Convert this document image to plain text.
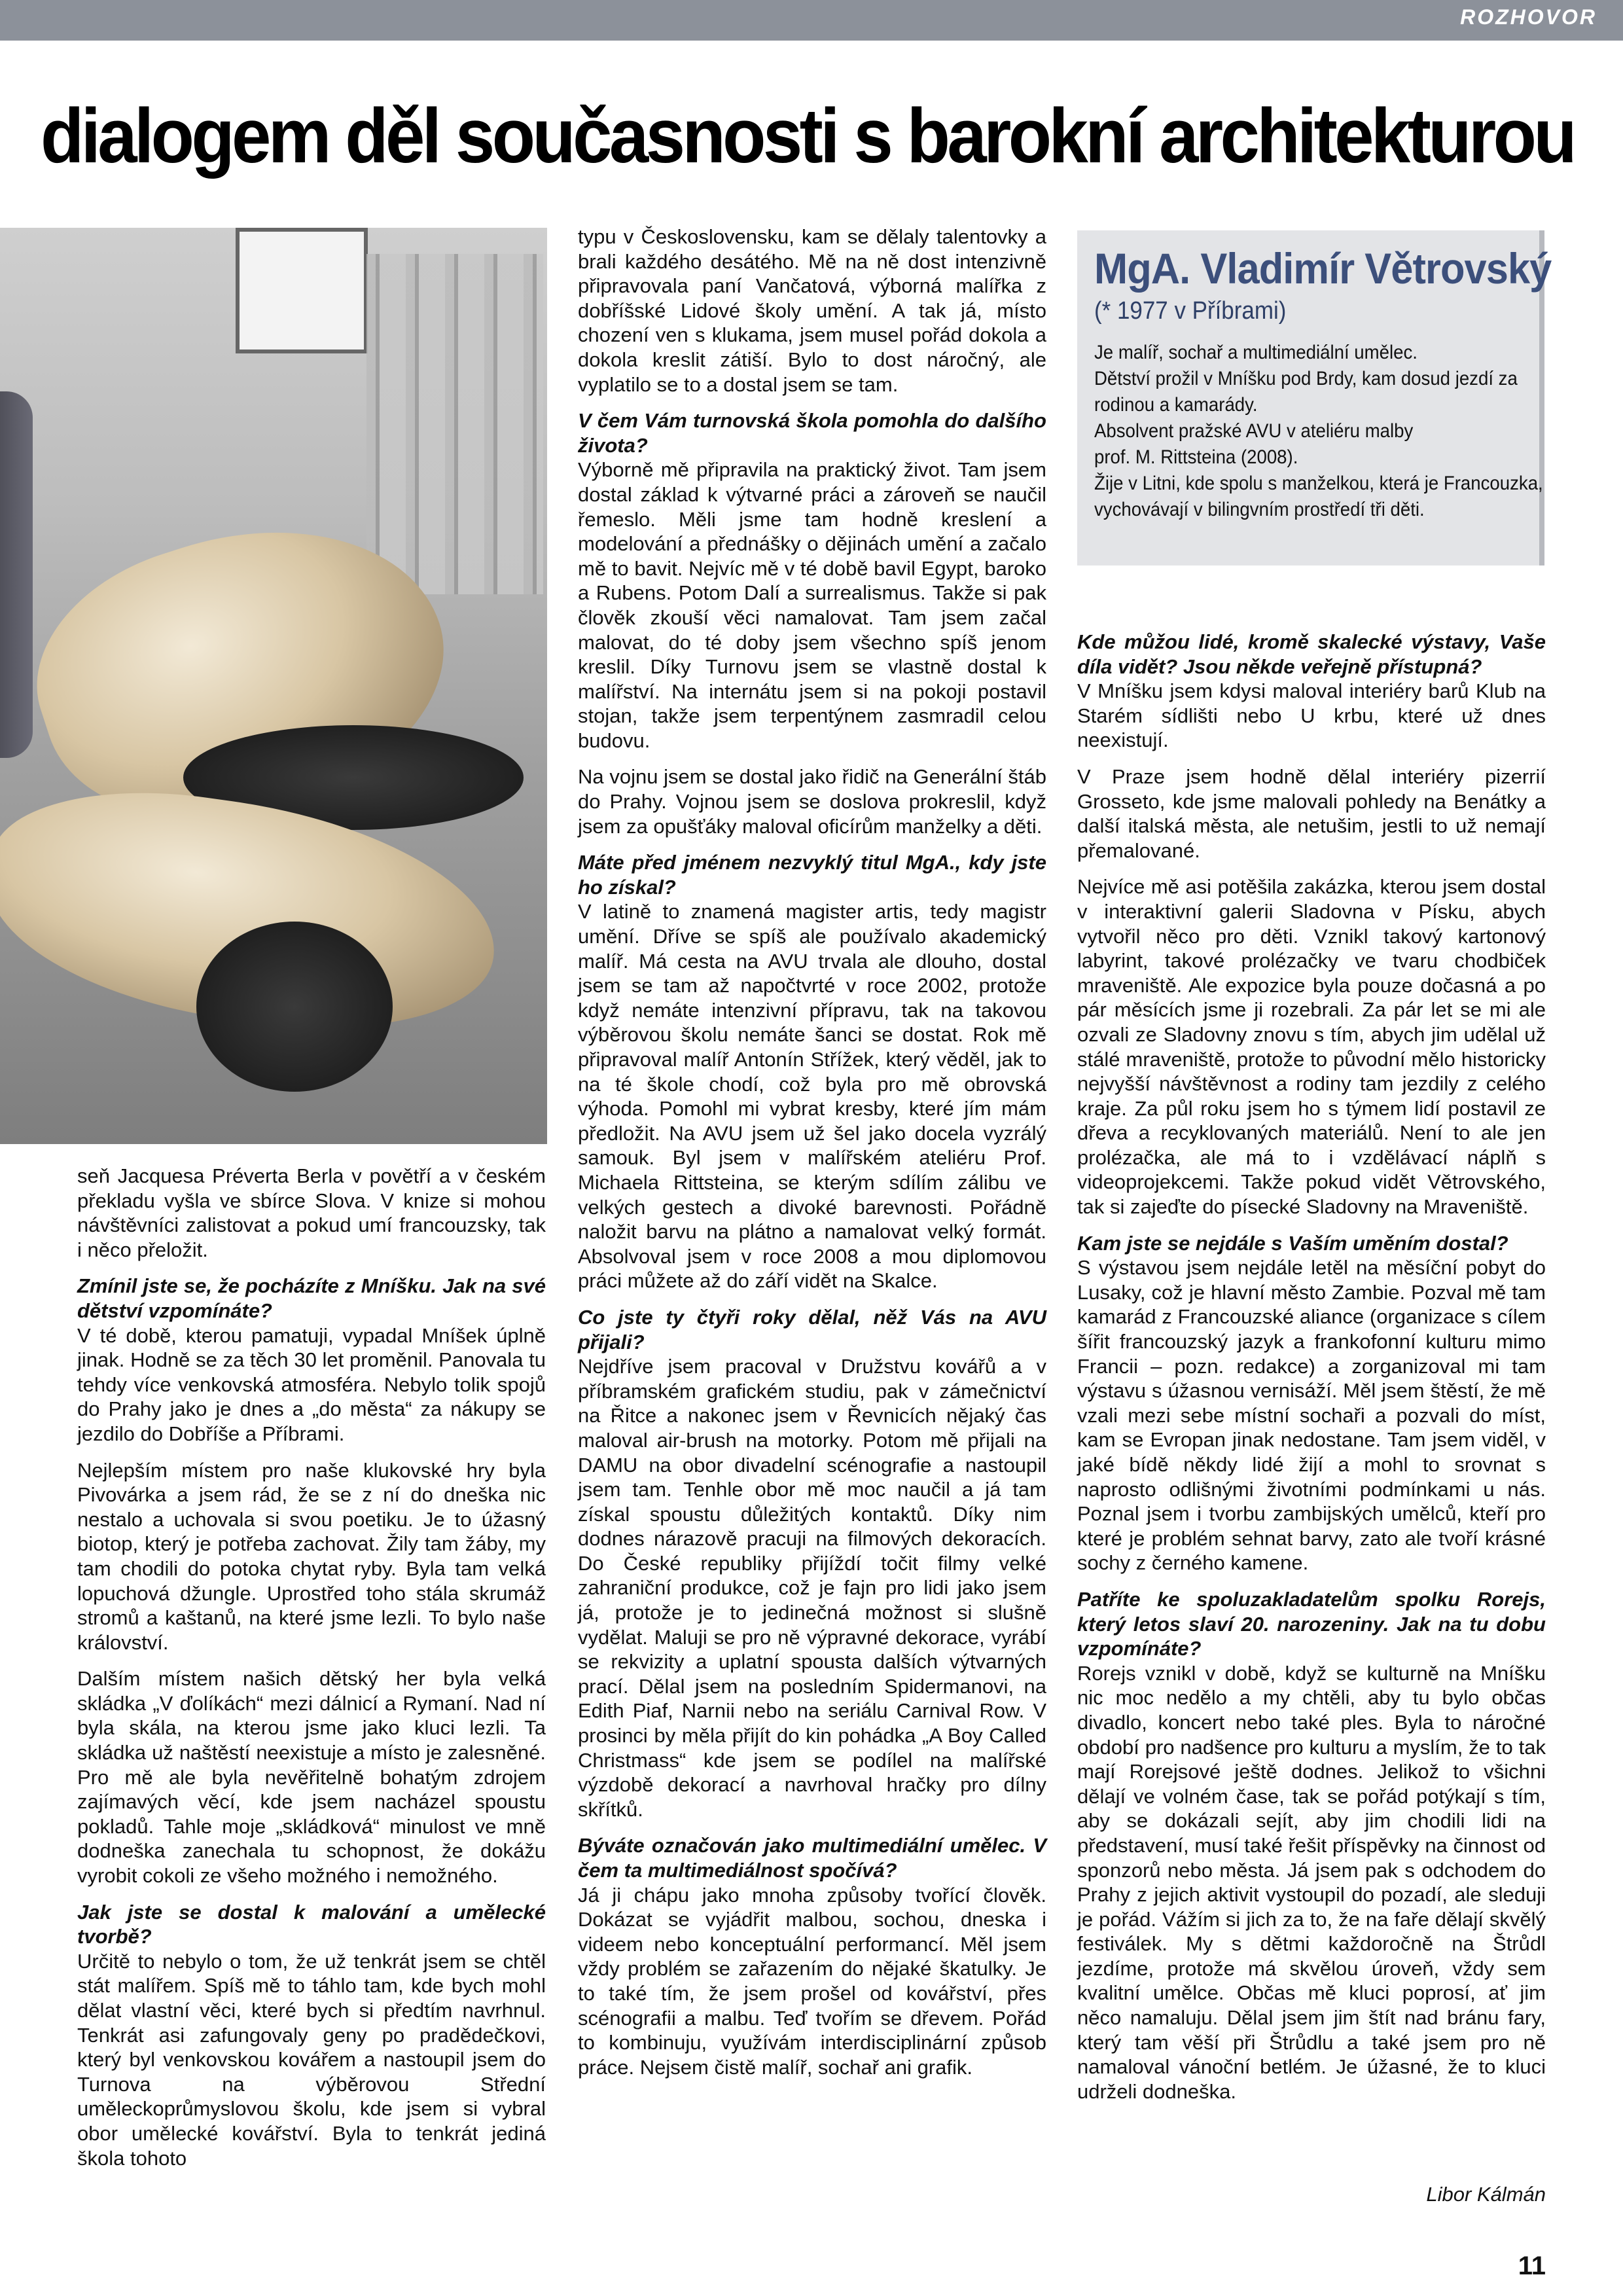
ROZHOVOR
dialogem děl současnosti s barokní architekturou
MgA. Vladimír Větrovský
(* 1977 v Příbrami)
Je malíř, sochař a multimediální umělec.
Dětství prožil v Mníšku pod Brdy, kam dosud jezdí za
rodinou a kamarády.
Absolvent pražské AVU v ateliéru malby
prof. M. Rittsteina (2008).
Žije v Litni, kde spolu s manželkou, která je Francouzka,
vychovávají v bilingvním prostředí tři děti.

seň Jacquesa Préverta Berla v povětří a v českém překladu vyšla ve sbírce Slova. V knize si mohou návštěvníci zalistovat a pokud umí francouzsky, tak i něco přeložit.

Zmínil jste se, že pocházíte z Mníšku. Jak na své dětství vzpomínáte?

V té době, kterou pamatuji, vypadal Mníšek úplně jinak. Hodně se za těch 30 let proměnil. Panovala tu tehdy více venkovská atmosféra. Nebylo tolik spojů do Prahy jako je dnes a „do města“ za nákupy se jezdilo do Dobříše a Příbrami.

Nejlepším místem pro naše klukovské hry byla Pivovárka a jsem rád, že se z ní do dneška nic nestalo a uchovala si svou poetiku. Je to úžasný biotop, který je potřeba zachovat. Žily tam žáby, my tam chodili do potoka chytat ryby. Byla tam velká lopuchová džungle. Uprostřed toho stála skrumáž stromů a kaštanů, na které jsme lezli. To bylo naše království.

Dalším místem našich dětský her byla velká skládka „V ďolíkách“ mezi dálnicí a Rymaní. Nad ní byla skála, na kterou jsme jako kluci lezli. Ta skládka už naštěstí neexistuje a místo je zalesněné. Pro mě ale byla nevěřitelně bohatým zdrojem zajímavých věcí, kde jsem nacházel spoustu pokladů. Tahle moje „skládková“ minulost ve mně dodneška zanechala tu schopnost, že dokážu vyrobit cokoli ze všeho možného i nemožného.

Jak jste se dostal k malování a umělecké tvorbě?

Určitě to nebylo o tom, že už tenkrát jsem se chtěl stát malířem. Spíš mě to táhlo tam, kde bych mohl dělat vlastní věci, které bych si předtím navrhnul. Tenkrát asi zafungovaly geny po pradědečkovi, který byl venkovskou kovářem a nastoupil jsem do Turnova na výběrovou Střední uměleckoprůmyslovou školu, kde jsem si vybral obor umělecké kovářství. Byla to tenkrát jediná škola tohoto

typu v Československu, kam se dělaly talentovky a brali každého desátého. Mě na ně dost intenzivně připravovala paní Vančatová, výborná malířka z dobříšské Lidové školy umění. A tak já, místo chození ven s klukama, jsem musel pořád dokola a dokola kreslit zátiší. Bylo to dost náročný, ale vyplatilo se to a dostal jsem se tam.

V čem Vám turnovská škola pomohla do dalšího života?

Výborně mě připravila na praktický život. Tam jsem dostal základ k výtvarné práci a zároveň se naučil řemeslo. Měli jsme tam hodně kreslení a modelování a přednášky o dějinách umění a začalo mě to bavit. Nejvíc mě v té době bavil Egypt, baroko a Rubens. Potom Dalí a surrealismus. Takže si pak člověk zkouší věci namalovat. Tam jsem začal malovat, do té doby jsem všechno spíš jenom kreslil. Díky Turnovu jsem se vlastně dostal k malířství. Na internátu jsem si na pokoji postavil stojan, takže jsem terpentýnem zasmradil celou budovu.

Na vojnu jsem se dostal jako řidič na Generální štáb do Prahy. Vojnou jsem se doslova prokreslil, když jsem za opušťáky maloval oficírům manželky a děti.

Máte před jménem nezvyklý titul MgA., kdy jste ho získal?

V latině to znamená magister artis, tedy magistr umění. Dříve se spíš ale používalo akademický malíř. Má cesta na AVU trvala ale dlouho, dostal jsem se tam až napočtvrté v roce 2002, protože když nemáte intenzivní přípravu, tak na takovou výběrovou školu nemáte šanci se dostat. Rok mě připravoval malíř Antonín Střížek, který věděl, jak to na té škole chodí, což byla pro mě obrovská výhoda. Pomohl mi vybrat kresby, které jím mám předložit. Na AVU jsem už šel jako docela vyzrálý samouk. Byl jsem v malířském ateliéru Prof. Michaela Rittsteina, se kterým sdílím zálibu ve velkých gestech a divoké barevnosti. Pořádně naložit barvu na plátno a namalovat velký formát. Absolvoval jsem v roce 2008 a mou diplomovou práci můžete až do září vidět na Skalce.

Co jste ty čtyři roky dělal, něž Vás na AVU přijali?

Nejdříve jsem pracoval v Družstvu kovářů a v příbramském grafickém studiu, pak v zámečnictví na Řitce a nakonec jsem v Řevnicích nějaký čas maloval air-brush na motorky. Potom mě přijali na DAMU na obor divadelní scénografie a nastoupil jsem tam. Tenhle obor mě moc naučil a já tam získal spoustu důležitých kontaktů. Díky nim dodnes nárazově pracuji na filmových dekoracích. Do České republiky přijíždí točit filmy velké zahraniční produkce, což je fajn pro lidi jako jsem já, protože je to jedinečná možnost si slušně vydělat. Maluji se pro ně výpravné dekorace, vyrábí se rekvizity a uplatní spousta dalších výtvarných prací. Dělal jsem na posledním Spidermanovi, na Edith Piaf, Narnii nebo na seriálu Carnival Row. V prosinci by měla přijít do kin pohádka „A Boy Called Christmass“ kde jsem se podílel na malířské výzdobě dekorací a navrhoval hračky pro dílny skřítků.

Býváte označován jako multimediální umělec. V čem ta multimediálnost spočívá?

Já ji chápu jako mnoha způsoby tvořící člověk. Dokázat se vyjádřit malbou, sochou, dneska i videem nebo konceptuální performancí. Měl jsem vždy problém se zařazením do nějaké škatulky. Je to také tím, že jsem prošel od kovářství, přes scénografii a malbu. Teď tvořím se dřevem. Pořád to kombinuju, využívám interdisciplinární způsob práce. Nejsem čistě malíř, sochař ani grafik.

Kde můžou lidé, kromě skalecké výstavy, Vaše díla vidět? Jsou někde veřejně přístupná?

V Mníšku jsem kdysi maloval interiéry barů Klub na Starém sídlišti nebo U krbu, které už dnes neexistují.

V Praze jsem hodně dělal interiéry pizerrií Grosseto, kde jsme malovali pohledy na Benátky a další italská města, ale netušim, jestli to už nemají přemalované.

Nejvíce mě asi potěšila zakázka, kterou jsem dostal v interaktivní galerii Sladovna v Písku, abych vytvořil něco pro děti. Vznikl takový kartonový labyrint, takové prolézačky ve tvaru chodbiček mraveniště. Ale expozice byla pouze dočasná a po pár měsících jsme ji rozebrali. Za pár let se mi ale ozvali ze Sladovny znovu s tím, abych jim udělal už stálé mraveniště, protože to původní mělo historicky nejvyšší návštěvnost a rodiny tam jezdily z celého kraje. Za půl roku jsem ho s týmem lidí postavil ze dřeva a recyklovaných materiálů. Není to ale jen prolézačka, ale má to i vzdělávací náplň s videoprojekcemi. Takže pokud vidět Větrovského, tak si zajeďte do písecké Sladovny na Mraveniště.

Kam jste se nejdále s Vaším uměním dostal?

S výstavou jsem nejdále letěl na měsíční pobyt do Lusaky, což je hlavní město Zambie. Pozval mě tam kamarád z Francouzské aliance (organizace s cílem šířit francouzský jazyk a frankofonní kulturu mimo Francii – pozn. redakce) a zorganizoval mi tam výstavu s úžasnou vernisáží. Měl jsem štěstí, že mě vzali mezi sebe místní sochaři a pozvali do míst, kam se Evropan jinak nedostane. Tam jsem viděl, v jaké bídě někdy lidé žijí a mohl to srovnat s naprosto odlišnými životními podmínkami u nás. Poznal jsem i tvorbu zambijských umělců, kteří pro které je problém sehnat barvy, zato ale tvoří krásné sochy z černého kamene.

Patříte ke spoluzakladatelům spolku Rorejs, který letos slaví 20. narozeniny. Jak na tu dobu vzpomínáte?

Rorejs vznikl v době, když se kulturně na Mníšku nic moc nedělo a my chtěli, aby tu bylo občas divadlo, koncert nebo také ples. Byla to náročné období pro nadšence pro kulturu a myslím, že to tak mají Rorejsové ještě dodnes. Jelikož to všichni dělají ve volném čase, tak se pořád potýkají s tím, aby se dokázali sejít, aby jim chodili lidi na představení, musí také řešit příspěvky na činnost od sponzorů nebo města. Já jsem pak s odchodem do Prahy z jejich aktivit vystoupil do pozadí, ale sleduji je pořád. Vážím si jich za to, že na faře dělají skvělý festiválek. My s dětmi každoročně na Štrůdl jezdíme, protože má skvělou úroveň, vždy sem kvalitní umělce. Občas mě kluci poprosí, ať jim něco namaluju. Dělal jsem jim štít nad bránu fary, který tam věší při Štrůdlu a také jsem pro ně namaloval vánoční betlém. Je úžasné, že to kluci udrželi dodneška.

Libor Kálmán
11
